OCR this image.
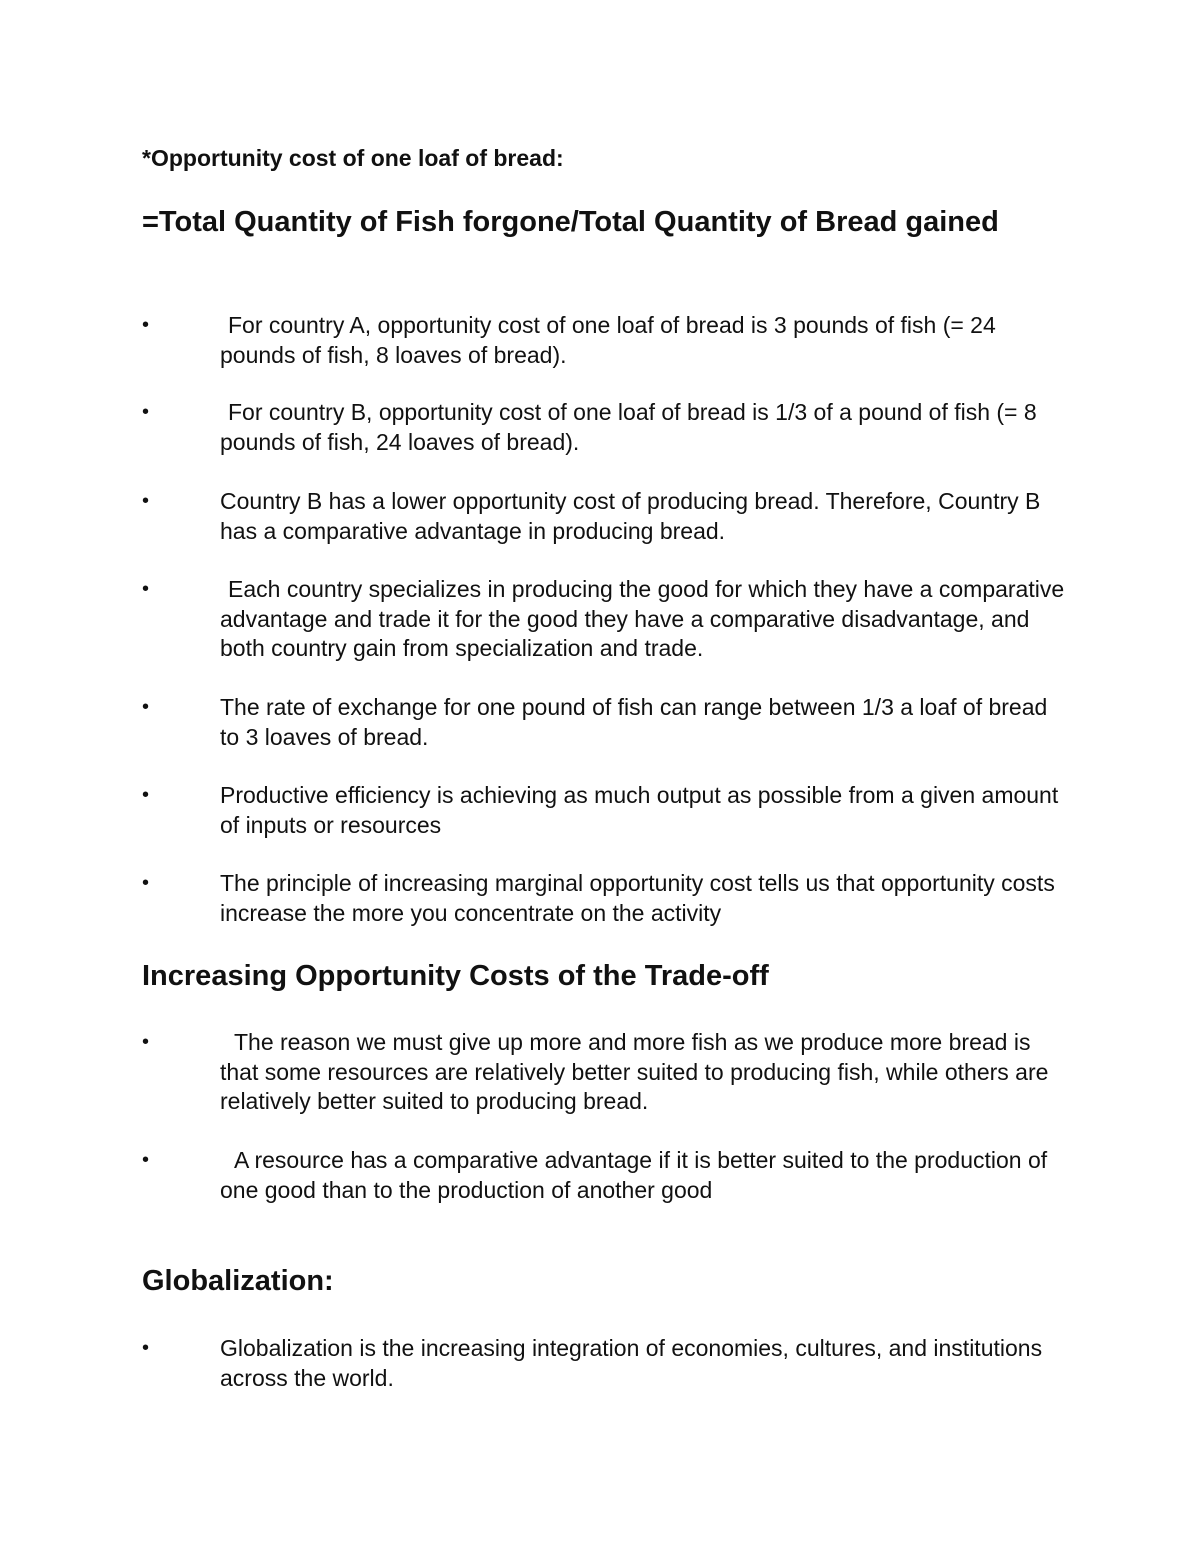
*Opportunity cost of one loaf of bread:

=Total Quantity of Fish forgone/Total Quantity of Bread gained

•	For country A, opportunity cost of one loaf of bread is 3 pounds of fish (= 24 pounds of fish, 8 loaves of bread).
•	For country B, opportunity cost of one loaf of bread is 1/3 of a pound of fish (= 8 pounds of fish, 24 loaves of bread).
•	Country B has a lower opportunity cost of producing bread. Therefore, Country B has a comparative advantage in producing bread.
•	Each country specializes in producing the good for which they have a comparative advantage and trade it for the good they have a comparative disadvantage, and both country gain from specialization and trade.
•	The rate of exchange for one pound of fish can range between 1/3 a loaf of bread to 3 loaves of bread.
•	Productive efficiency is achieving as much output as possible from a given amount of inputs or resources
•	The principle of increasing marginal opportunity cost tells us that opportunity costs increase the more you concentrate on the activity
Increasing Opportunity Costs of the Trade-off
•	The reason we must give up more and more fish as we produce more bread is that some resources are relatively better suited to producing fish, while others are relatively better suited to producing bread.
•	A resource has a comparative advantage if it is better suited to the production of one good than to the production of another good
Globalization:
•	Globalization is the increasing integration of economies, cultures, and institutions across the world.
